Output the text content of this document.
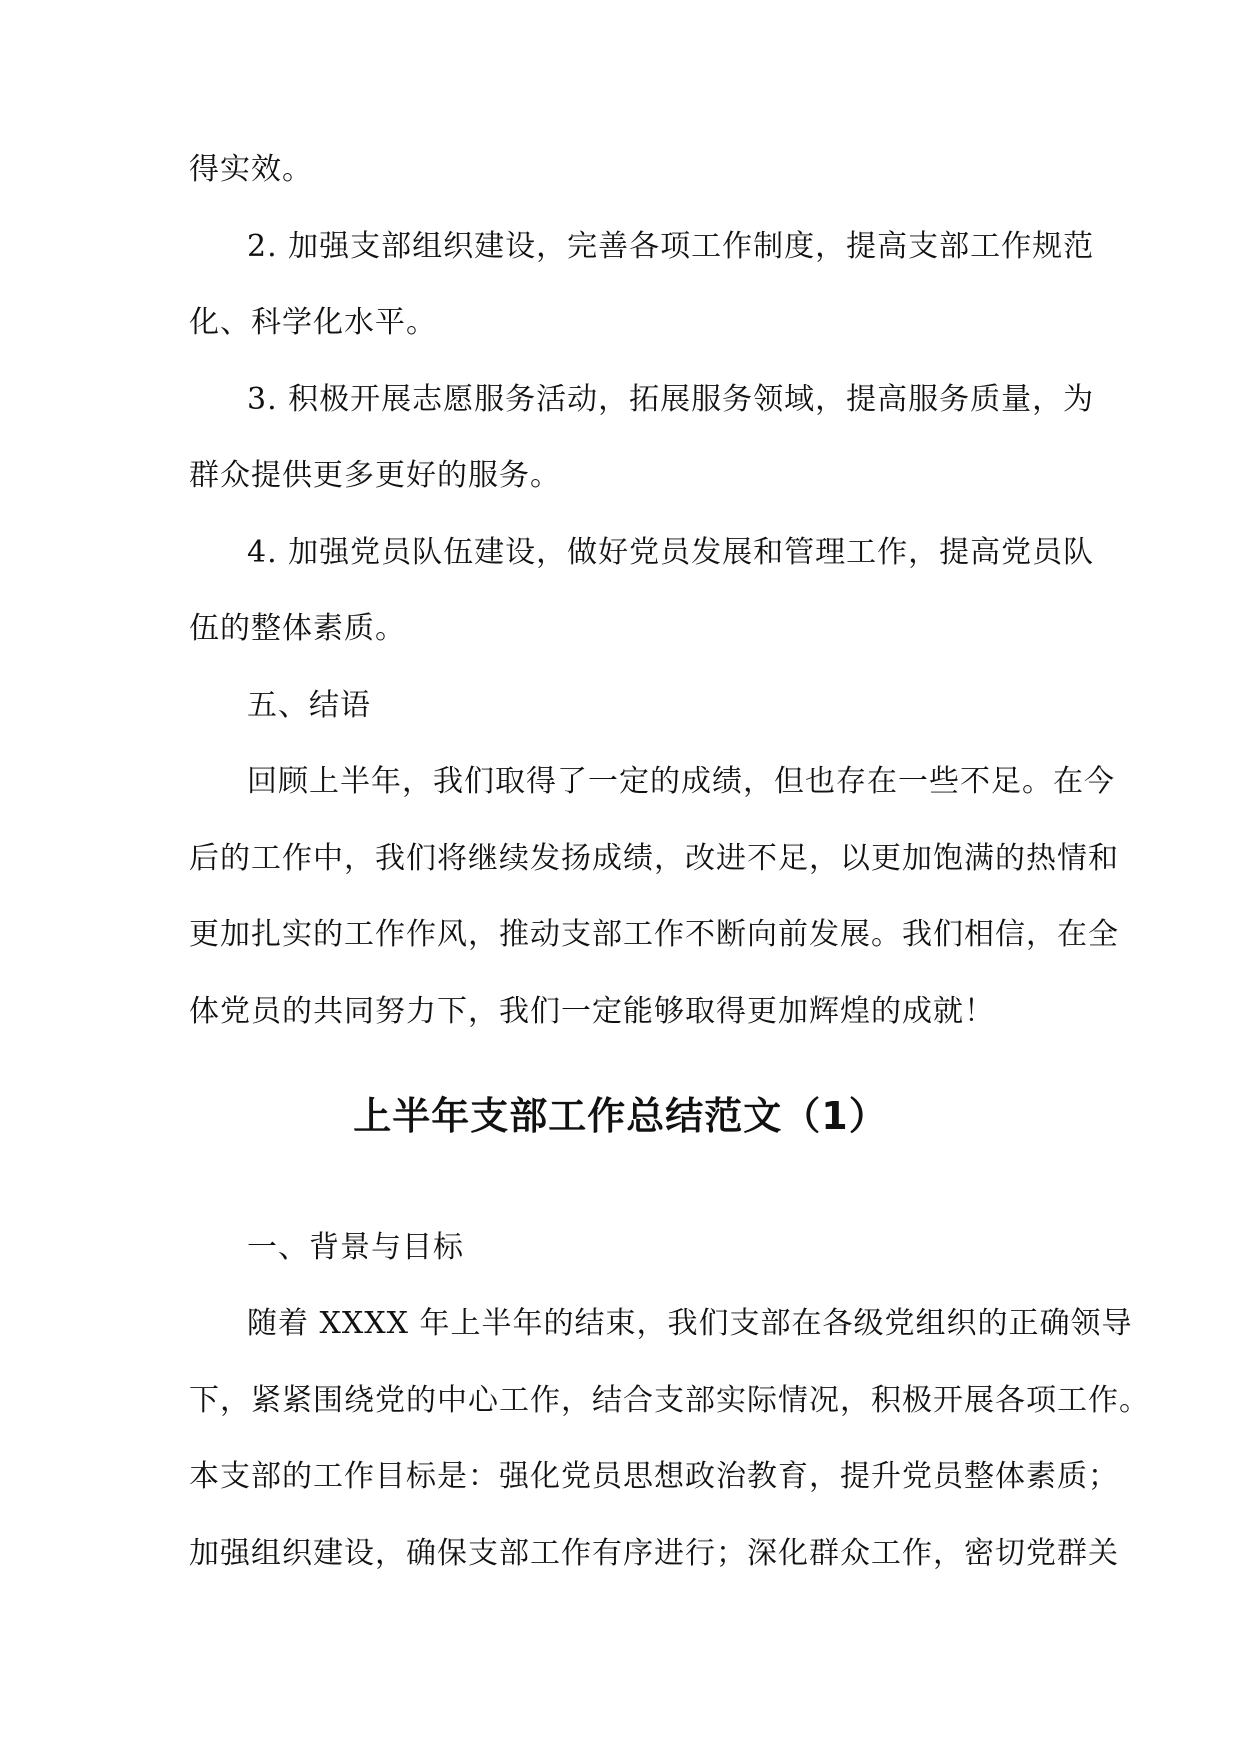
得实效。
2. 加强支部组织建设，完善各项工作制度，提高支部工作规范
化、科学化水平。
3. 积极开展志愿服务活动，拓展服务领域，提高服务质量，为
群众提供更多更好的服务。
4. 加强党员队伍建设，做好党员发展和管理工作，提高党员队
伍的整体素质。
五、结语
回顾上半年，我们取得了一定的成绩，但也存在一些不足。在今
后的工作中，我们将继续发扬成绩，改进不足，以更加饱满的热情和
更加扎实的工作作风，推动支部工作不断向前发展。我们相信，在全
体党员的共同努力下，我们一定能够取得更加辉煌的成就！
上半年支部工作总结范文（1）
一、背景与目标
随着 XXXX 年上半年的结束，我们支部在各级党组织的正确领导
下，紧紧围绕党的中心工作，结合支部实际情况，积极开展各项工作。
本支部的工作目标是：强化党员思想政治教育，提升党员整体素质；
加强组织建设，确保支部工作有序进行；深化群众工作，密切党群关
